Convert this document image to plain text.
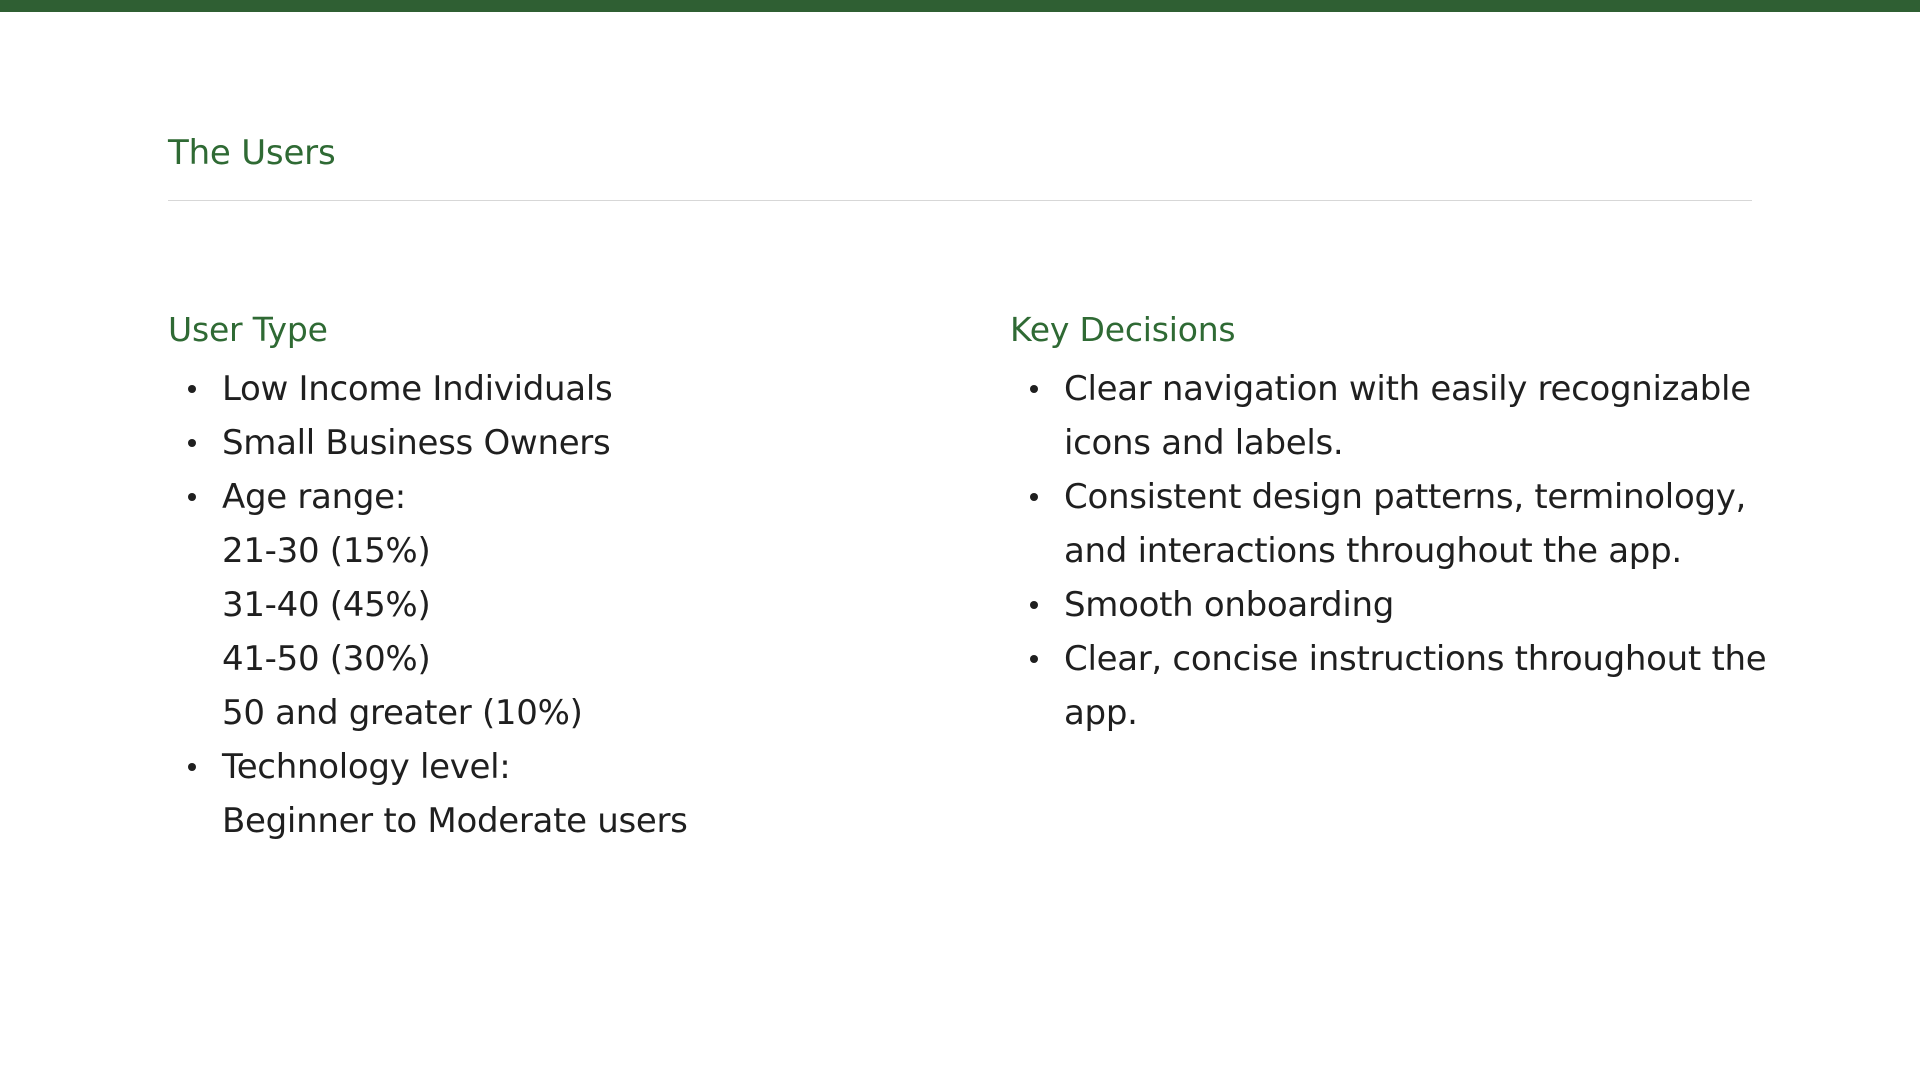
The Users
User Type
Low Income Individuals
Small Business Owners
Age range:
21-30 (15%)
31-40 (45%)
41-50 (30%)
50 and greater (10%)
Technology level:
Beginner to Moderate users
Key Decisions
Clear navigation with easily recognizable
icons and labels.
Consistent design patterns, terminology,
and interactions throughout the app.
Smooth onboarding
Clear, concise instructions throughout the
app.
